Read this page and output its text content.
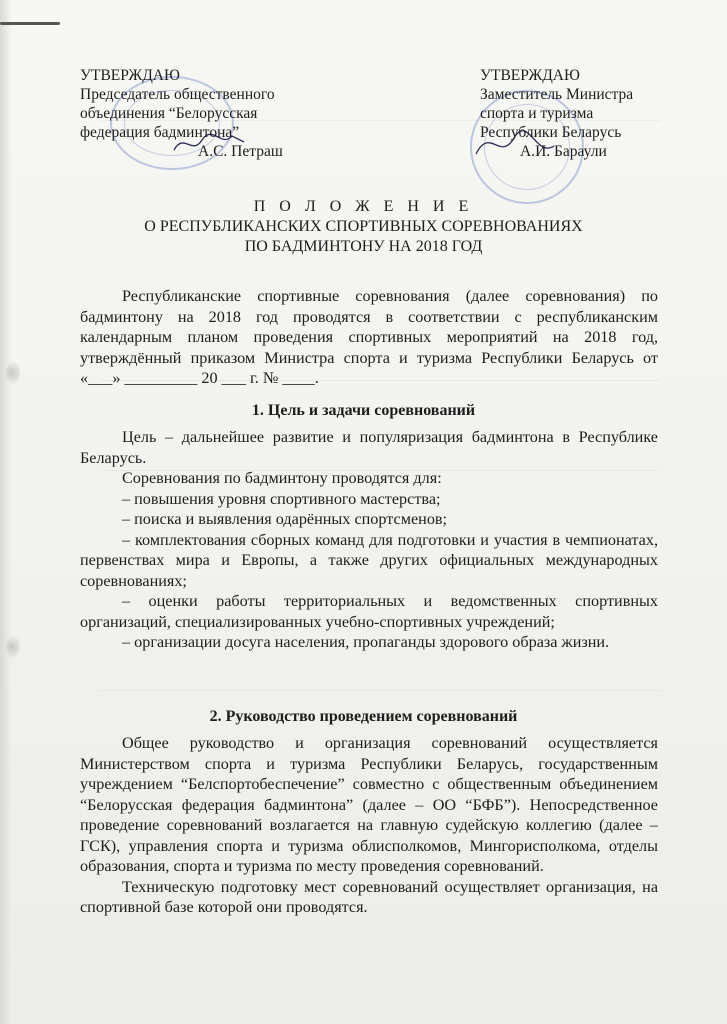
УТВЕРЖДАЮ
Председатель общественного
объединения “Белорусская
федерация бадминтона”
А.С. Петраш
УТВЕРЖДАЮ
Заместитель Министра
спорта и туризма
Республики Беларусь
А.И. Бараули
П О Л О Ж Е Н И Е
О РЕСПУБЛИКАНСКИХ СПОРТИВНЫХ СОРЕВНОВАНИЯХ
ПО БАДМИНТОНУ НА 2018 ГОД

Республиканские спортивные соревнования (далее соревнования) по бадминтону на 2018 год проводятся в соответствии с республиканским календарным планом проведения спортивных мероприятий на 2018 год, утверждённый приказом Министра спорта и туризма Республики Беларусь от «___» _________ 20 ___ г. № ____.

1. Цель и задачи соревнований

Цель – дальнейшее развитие и популяризация бадминтона в Республике Беларусь.

Соревнования по бадминтону проводятся для:

– повышения уровня спортивного мастерства;

– поиска и выявления одарённых спортсменов;

– комплектования сборных команд для подготовки и участия в чемпионатах, первенствах мира и Европы, а также других официальных международных соревнованиях;

– оценки работы территориальных и ведомственных спортивных организаций, специализированных учебно-спортивных учреждений;

– организации досуга населения, пропаганды здорового образа жизни.

2. Руководство проведением соревнований

Общее руководство и организация соревнований осуществляется Министерством спорта и туризма Республики Беларусь, государственным учреждением “Белспортобеспечение” совместно с общественным объединением “Белорусская федерация бадминтона” (далее – ОО “БФБ”). Непосредственное проведение соревнований возлагается на главную судейскую коллегию (далее – ГСК), управления спорта и туризма облисполкомов, Мингорисполкома, отделы образования, спорта и туризма по месту проведения соревнований.

Техническую подготовку мест соревнований осуществляет организация, на спортивной базе которой они проводятся.
